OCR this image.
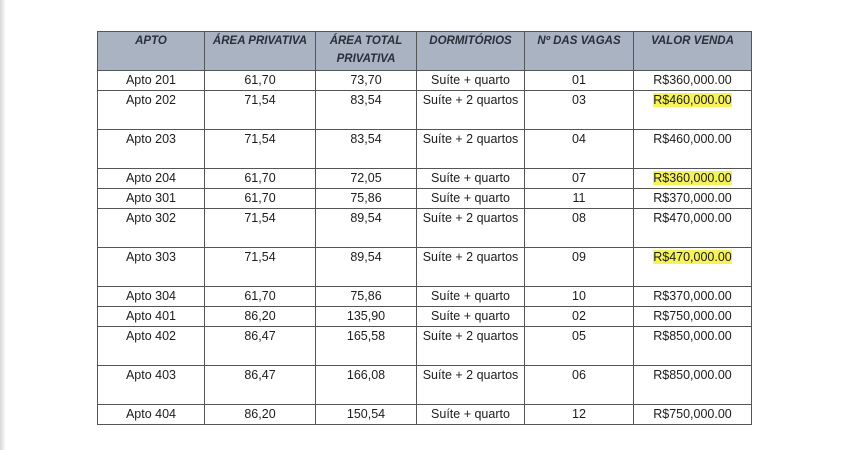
APTO	ÁREA PRIVATIVA	ÁREA TOTAL PRIVATIVA	DORMITÓRIOS	Nº DAS VAGAS	VALOR VENDA
Apto 201	61,70	73,70	Suíte + quarto	01	R$360,000.00
Apto 202	71,54	83,54	Suíte + 2 quartos	03	R$460,000.00
Apto 203	71,54	83,54	Suíte + 2 quartos	04	R$460,000.00
Apto 204	61,70	72,05	Suíte + quarto	07	R$360,000.00
Apto 301	61,70	75,86	Suíte + quarto	11	R$370,000.00
Apto 302	71,54	89,54	Suíte + 2 quartos	08	R$470,000.00
Apto 303	71,54	89,54	Suíte + 2 quartos	09	R$470,000.00
Apto 304	61,70	75,86	Suíte + quarto	10	R$370,000.00
Apto 401	86,20	135,90	Suíte + quarto	02	R$750,000.00
Apto 402	86,47	165,58	Suíte + 2 quartos	05	R$850,000.00
Apto 403	86,47	166,08	Suíte + 2 quartos	06	R$850,000.00
Apto 404	86,20	150,54	Suíte + quarto	12	R$750,000.00
